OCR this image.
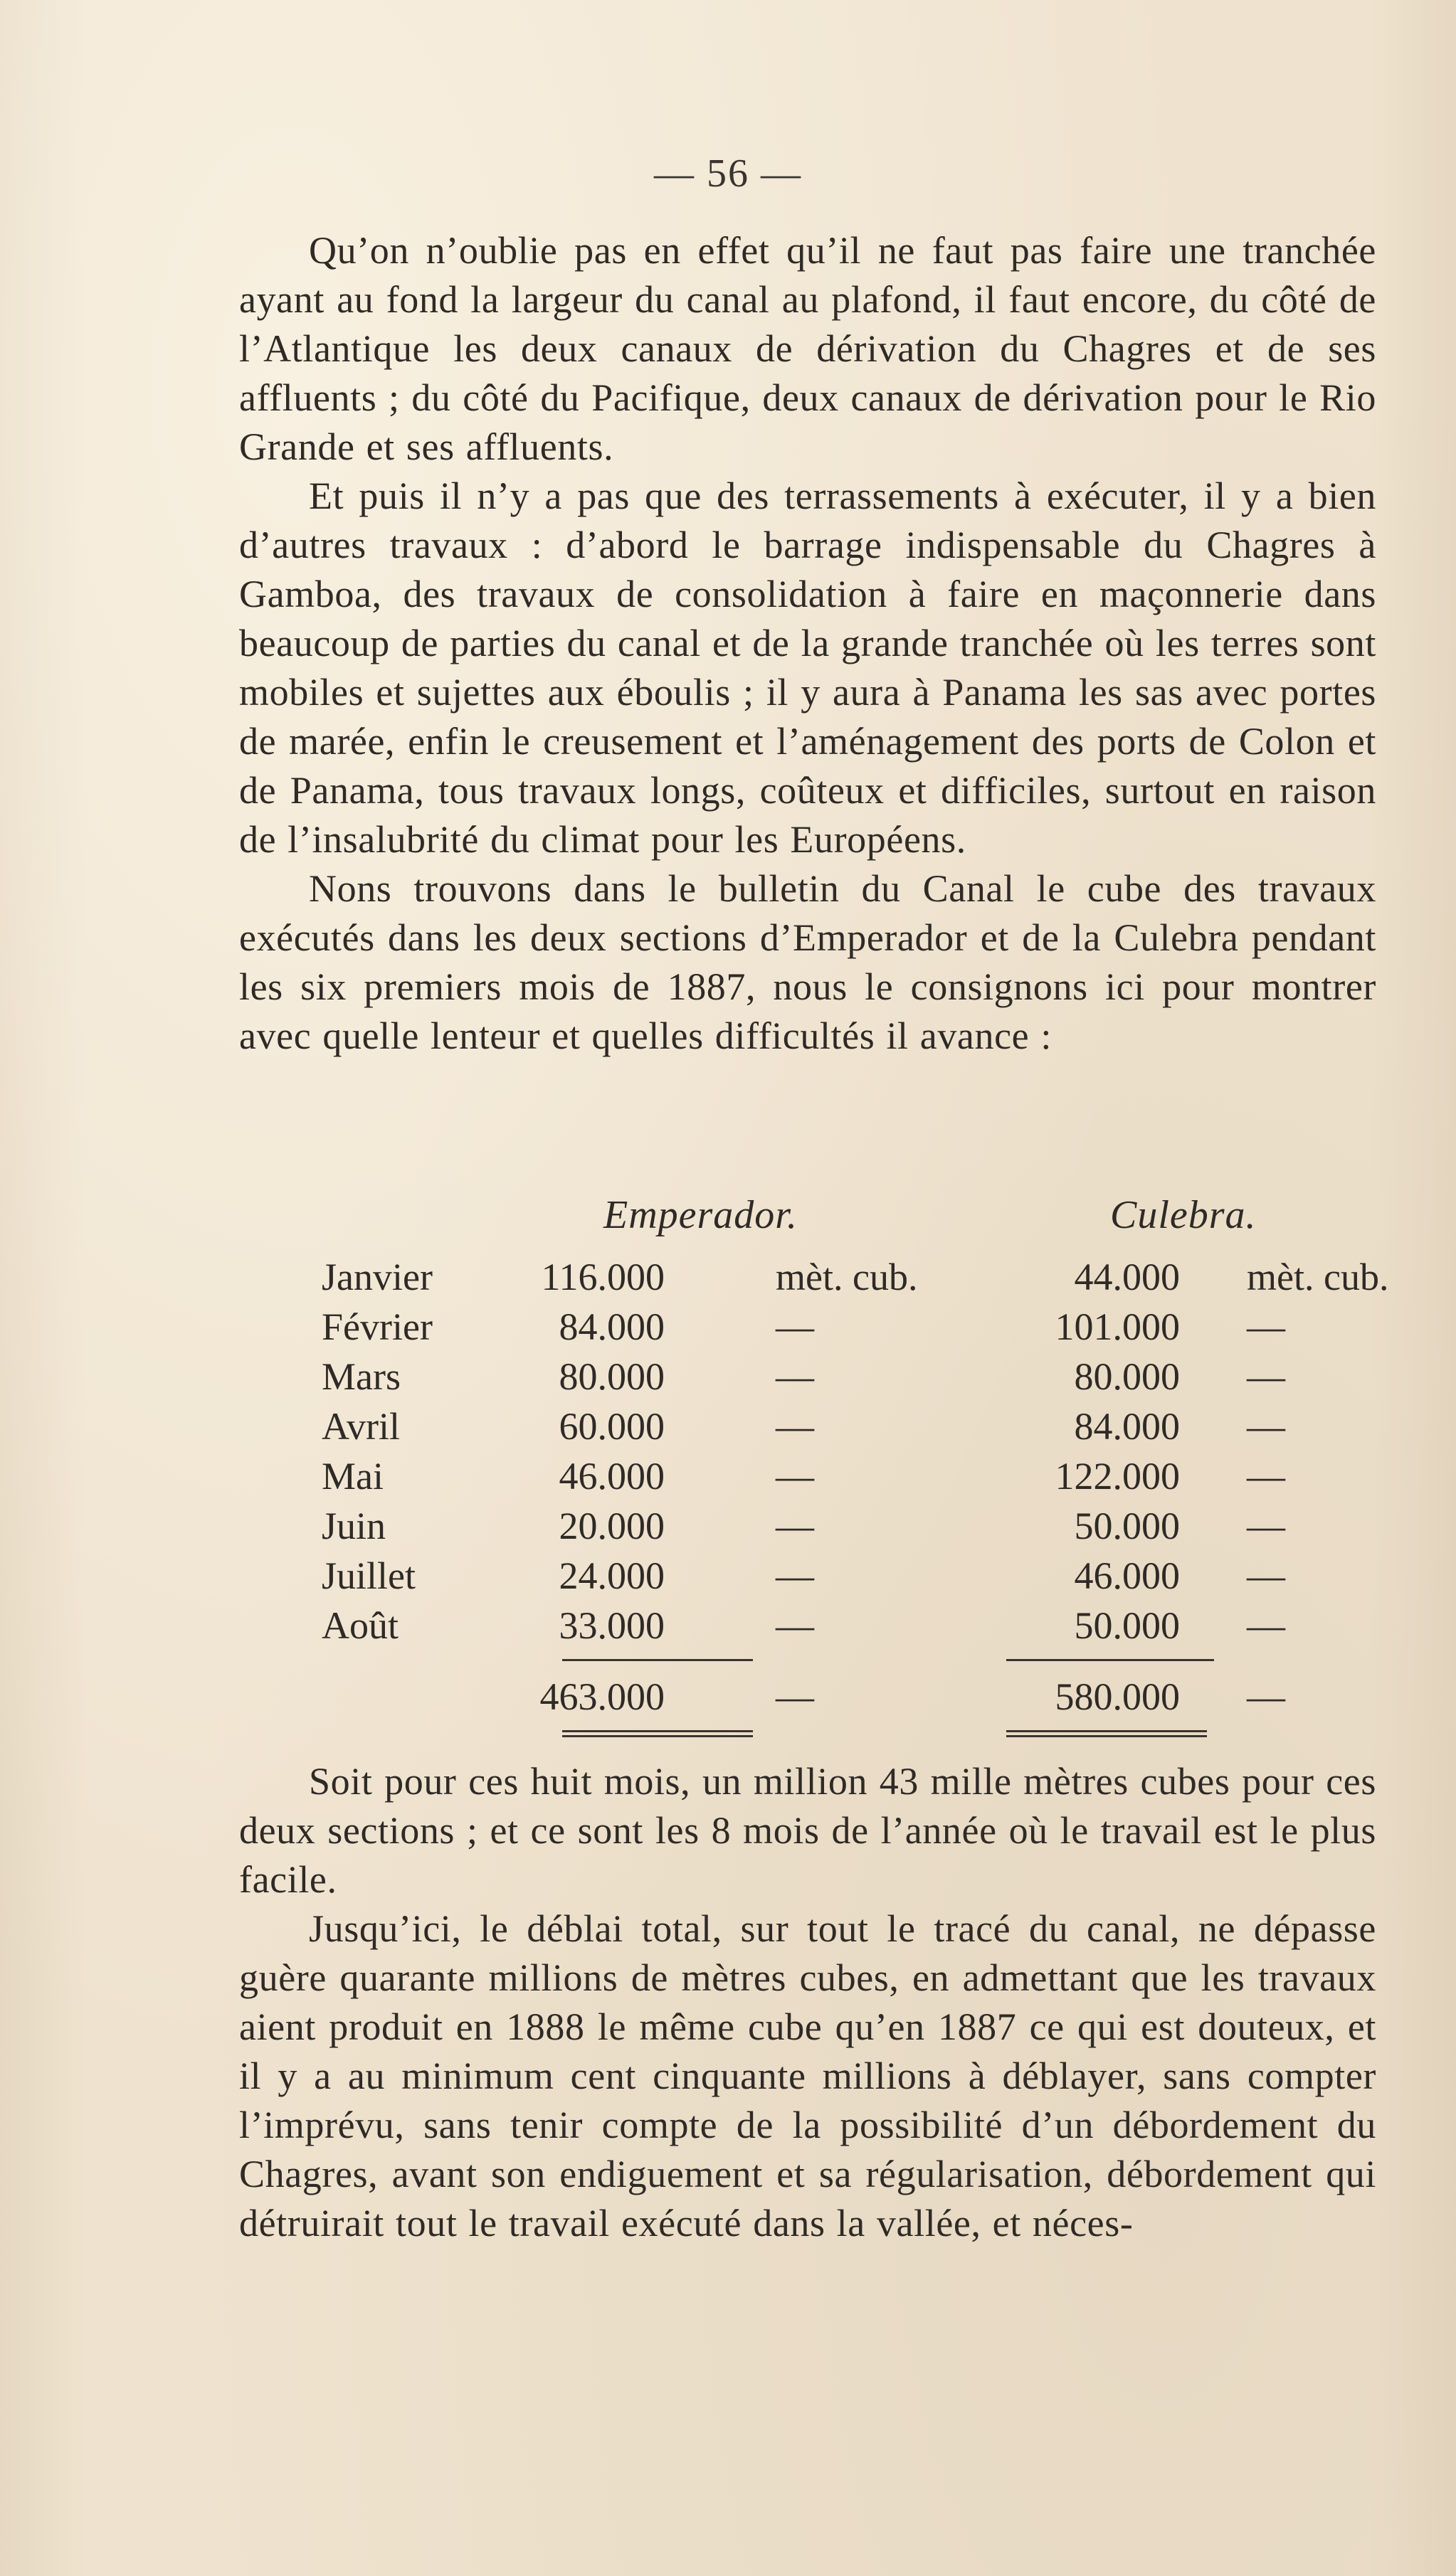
— 56 —

Qu’on n’oublie pas en effet qu’il ne faut pas faire une tranchée ayant au fond la largeur du canal au plafond, il faut encore, du côté de l’Atlantique les deux canaux de dérivation du Chagres et de ses affluents ; du côté du Pacifique, deux canaux de dérivation pour le Rio Grande et ses affluents.

Et puis il n’y a pas que des terrassements à exécuter, il y a bien d’autres travaux : d’abord le barrage indispensable du Chagres à Gamboa, des travaux de consolidation à faire en maçonnerie dans beaucoup de parties du canal et de la grande tranchée où les terres sont mobiles et sujettes aux éboulis ; il y aura à Panama les sas avec portes de marée, enfin le creusement et l’aménagement des ports de Colon et de Panama, tous travaux longs, coûteux et difficiles, surtout en raison de l’insalubrité du climat pour les Européens.

Nons trouvons dans le bulletin du Canal le cube des travaux exécutés dans les deux sections d’Emperador et de la Culebra pendant les six premiers mois de 1887, nous le consignons ici pour montrer avec quelle lenteur et quelles difficultés il avance :

Emperador.	Culebra.
Janvier	116.000	mèt. cub.	44.000 mèt. cub.
Février	84.000	—	101.000 —
Mars	80.000	—	80.000 —
Avril	60.000	—	84.000 —
Mai	46.000	—	122.000 —
Juin	20.000	—	50.000 —
Juillet	24.000	—	46.000 —
Août	33.000	—	50.000 —
463.000	—	580.000 —

Soit pour ces huit mois, un million 43 mille mètres cubes pour ces deux sections ; et ce sont les 8 mois de l’année où le travail est le plus facile.

Jusqu’ici, le déblai total, sur tout le tracé du canal, ne dépasse guère quarante millions de mètres cubes, en admettant que les travaux aient produit en 1888 le même cube qu’en 1887 ce qui est douteux, et il y a au minimum cent cinquante millions à déblayer, sans compter l’imprévu, sans tenir compte de la possibilité d’un débordement du Chagres, avant son endiguement et sa régularisation, débordement qui détruirait tout le travail exécuté dans la vallée, et néces-
